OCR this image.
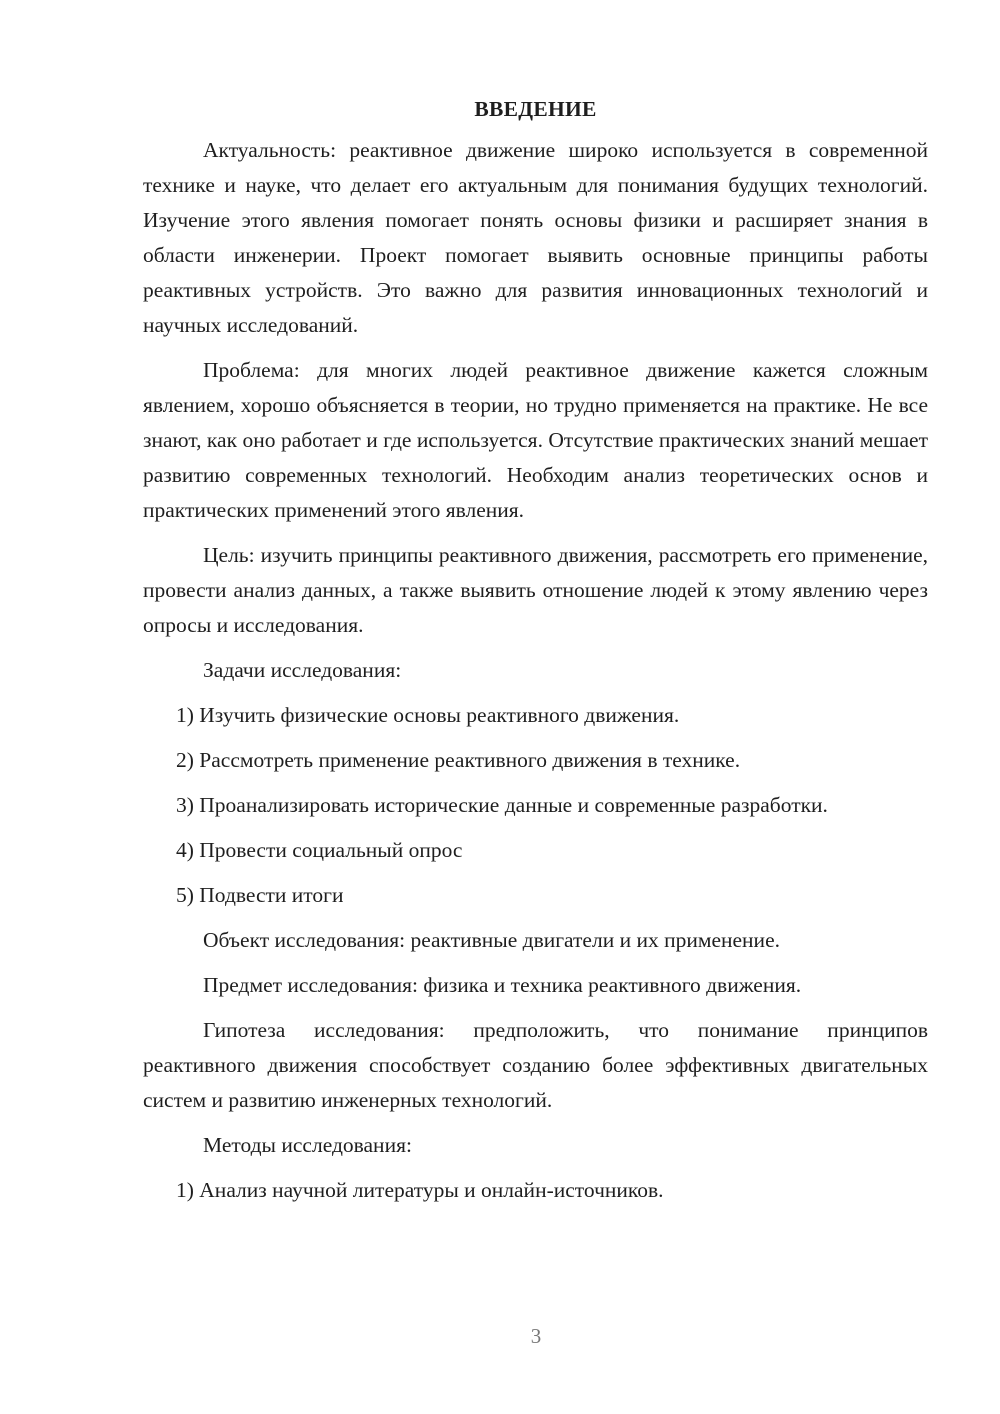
ВВЕДЕНИЕ

Актуальность: реактивное движение широко используется в современной технике и науке, что делает его актуальным для понимания будущих технологий. Изучение этого явления помогает понять основы физики и расширяет знания в области инженерии. Проект помогает выявить основные принципы работы реактивных устройств. Это важно для развития инновационных технологий и научных исследований.

Проблема: для многих людей реактивное движение кажется сложным явлением, хорошо объясняется в теории, но трудно применяется на практике. Не все знают, как оно работает и где используется. Отсутствие практических знаний мешает развитию современных технологий. Необходим анализ теоретических основ и практических применений этого явления.

Цель: изучить принципы реактивного движения, рассмотреть его применение, провести анализ данных, а также выявить отношение людей к этому явлению через опросы и исследования.

Задачи исследования:

1) Изучить физические основы реактивного движения.

2) Рассмотреть применение реактивного движения в технике.

3) Проанализировать исторические данные и современные разработки.

4) Провести социальный опрос

5) Подвести итоги

Объект исследования: реактивные двигатели и их применение.

Предмет исследования: физика и техника реактивного движения.

Гипотеза исследования: предположить, что понимание принципов реактивного движения способствует созданию более эффективных двигательных систем и развитию инженерных технологий.

Методы исследования:

1) Анализ научной литературы и онлайн-источников.

3
